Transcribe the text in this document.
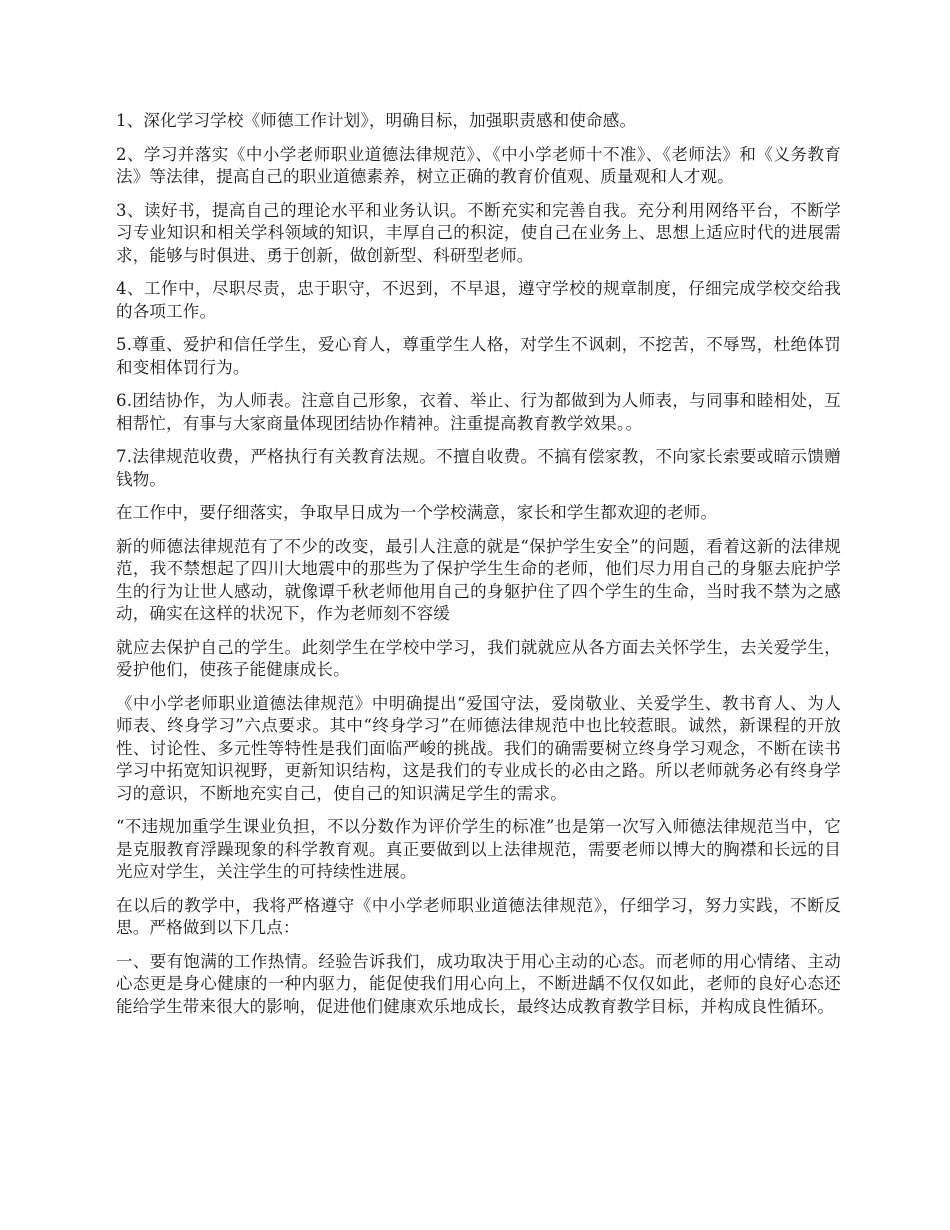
1、深化学习学校《师德工作计划》，明确目标，加强职责感和使命感。

2、学习并落实《中小学老师职业道德法律规范》、《中小学老师十不准》、《老师法》和《义务教育法》等法律，提高自己的职业道德素养，树立正确的教育价值观、质量观和人才观。

3、读好书，提高自己的理论水平和业务认识。不断充实和完善自我。充分利用网络平台，不断学习专业知识和相关学科领域的知识，丰厚自己的积淀，使自己在业务上、思想上适应时代的进展需求，能够与时俱进、勇于创新，做创新型、科研型老师。

4、工作中，尽职尽责，忠于职守，不迟到，不早退，遵守学校的规章制度，仔细完成学校交给我的各项工作。

5.尊重、爱护和信任学生，爱心育人，尊重学生人格，对学生不讽刺，不挖苦，不辱骂，杜绝体罚和变相体罚行为。

6.团结协作，为人师表。注意自己形象，衣着、举止、行为都做到为人师表，与同事和睦相处，互相帮忙，有事与大家商量体现团结协作精神。注重提高教育教学效果。。

7.法律规范收费，严格执行有关教育法规。不擅自收费。不搞有偿家教，不向家长索要或暗示馈赠钱物。

在工作中，要仔细落实，争取早日成为一个学校满意，家长和学生都欢迎的老师。

新的师德法律规范有了不少的改变，最引人注意的就是“保护学生安全”的问题，看着这新的法律规范，我不禁想起了四川大地震中的那些为了保护学生生命的老师，他们尽力用自己的身躯去庇护学生的行为让世人感动，就像谭千秋老师他用自己的身躯护住了四个学生的生命，当时我不禁为之感动，确实在这样的状况下，作为老师刻不容缓

就应去保护自己的学生。此刻学生在学校中学习，我们就就应从各方面去关怀学生，去关爱学生，爱护他们，使孩子能健康成长。

《中小学老师职业道德法律规范》中明确提出“爱国守法，爱岗敬业、关爱学生、教书育人、为人师表、终身学习”六点要求。其中“终身学习”在师德法律规范中也比较惹眼。诚然，新课程的开放性、讨论性、多元性等特性是我们面临严峻的挑战。我们的确需要树立终身学习观念，不断在读书学习中拓宽知识视野，更新知识结构，这是我们的专业成长的必由之路。所以老师就务必有终身学习的意识，不断地充实自己，使自己的知识满足学生的需求。

“不违规加重学生课业负担，不以分数作为评价学生的标准”也是第一次写入师德法律规范当中，它是克服教育浮躁现象的科学教育观。真正要做到以上法律规范，需要老师以博大的胸襟和长远的目光应对学生，关注学生的可持续性进展。

在以后的教学中，我将严格遵守《中小学老师职业道德法律规范》，仔细学习，努力实践，不断反思。严格做到以下几点：

一、要有饱满的工作热情。经验告诉我们，成功取决于用心主动的心态。而老师的用心情绪、主动心态更是身心健康的一种内驱力，能促使我们用心向上，不断进龋不仅仅如此，老师的良好心态还能给学生带来很大的影响，促进他们健康欢乐地成长，最终达成教育教学目标，并构成良性循环。
